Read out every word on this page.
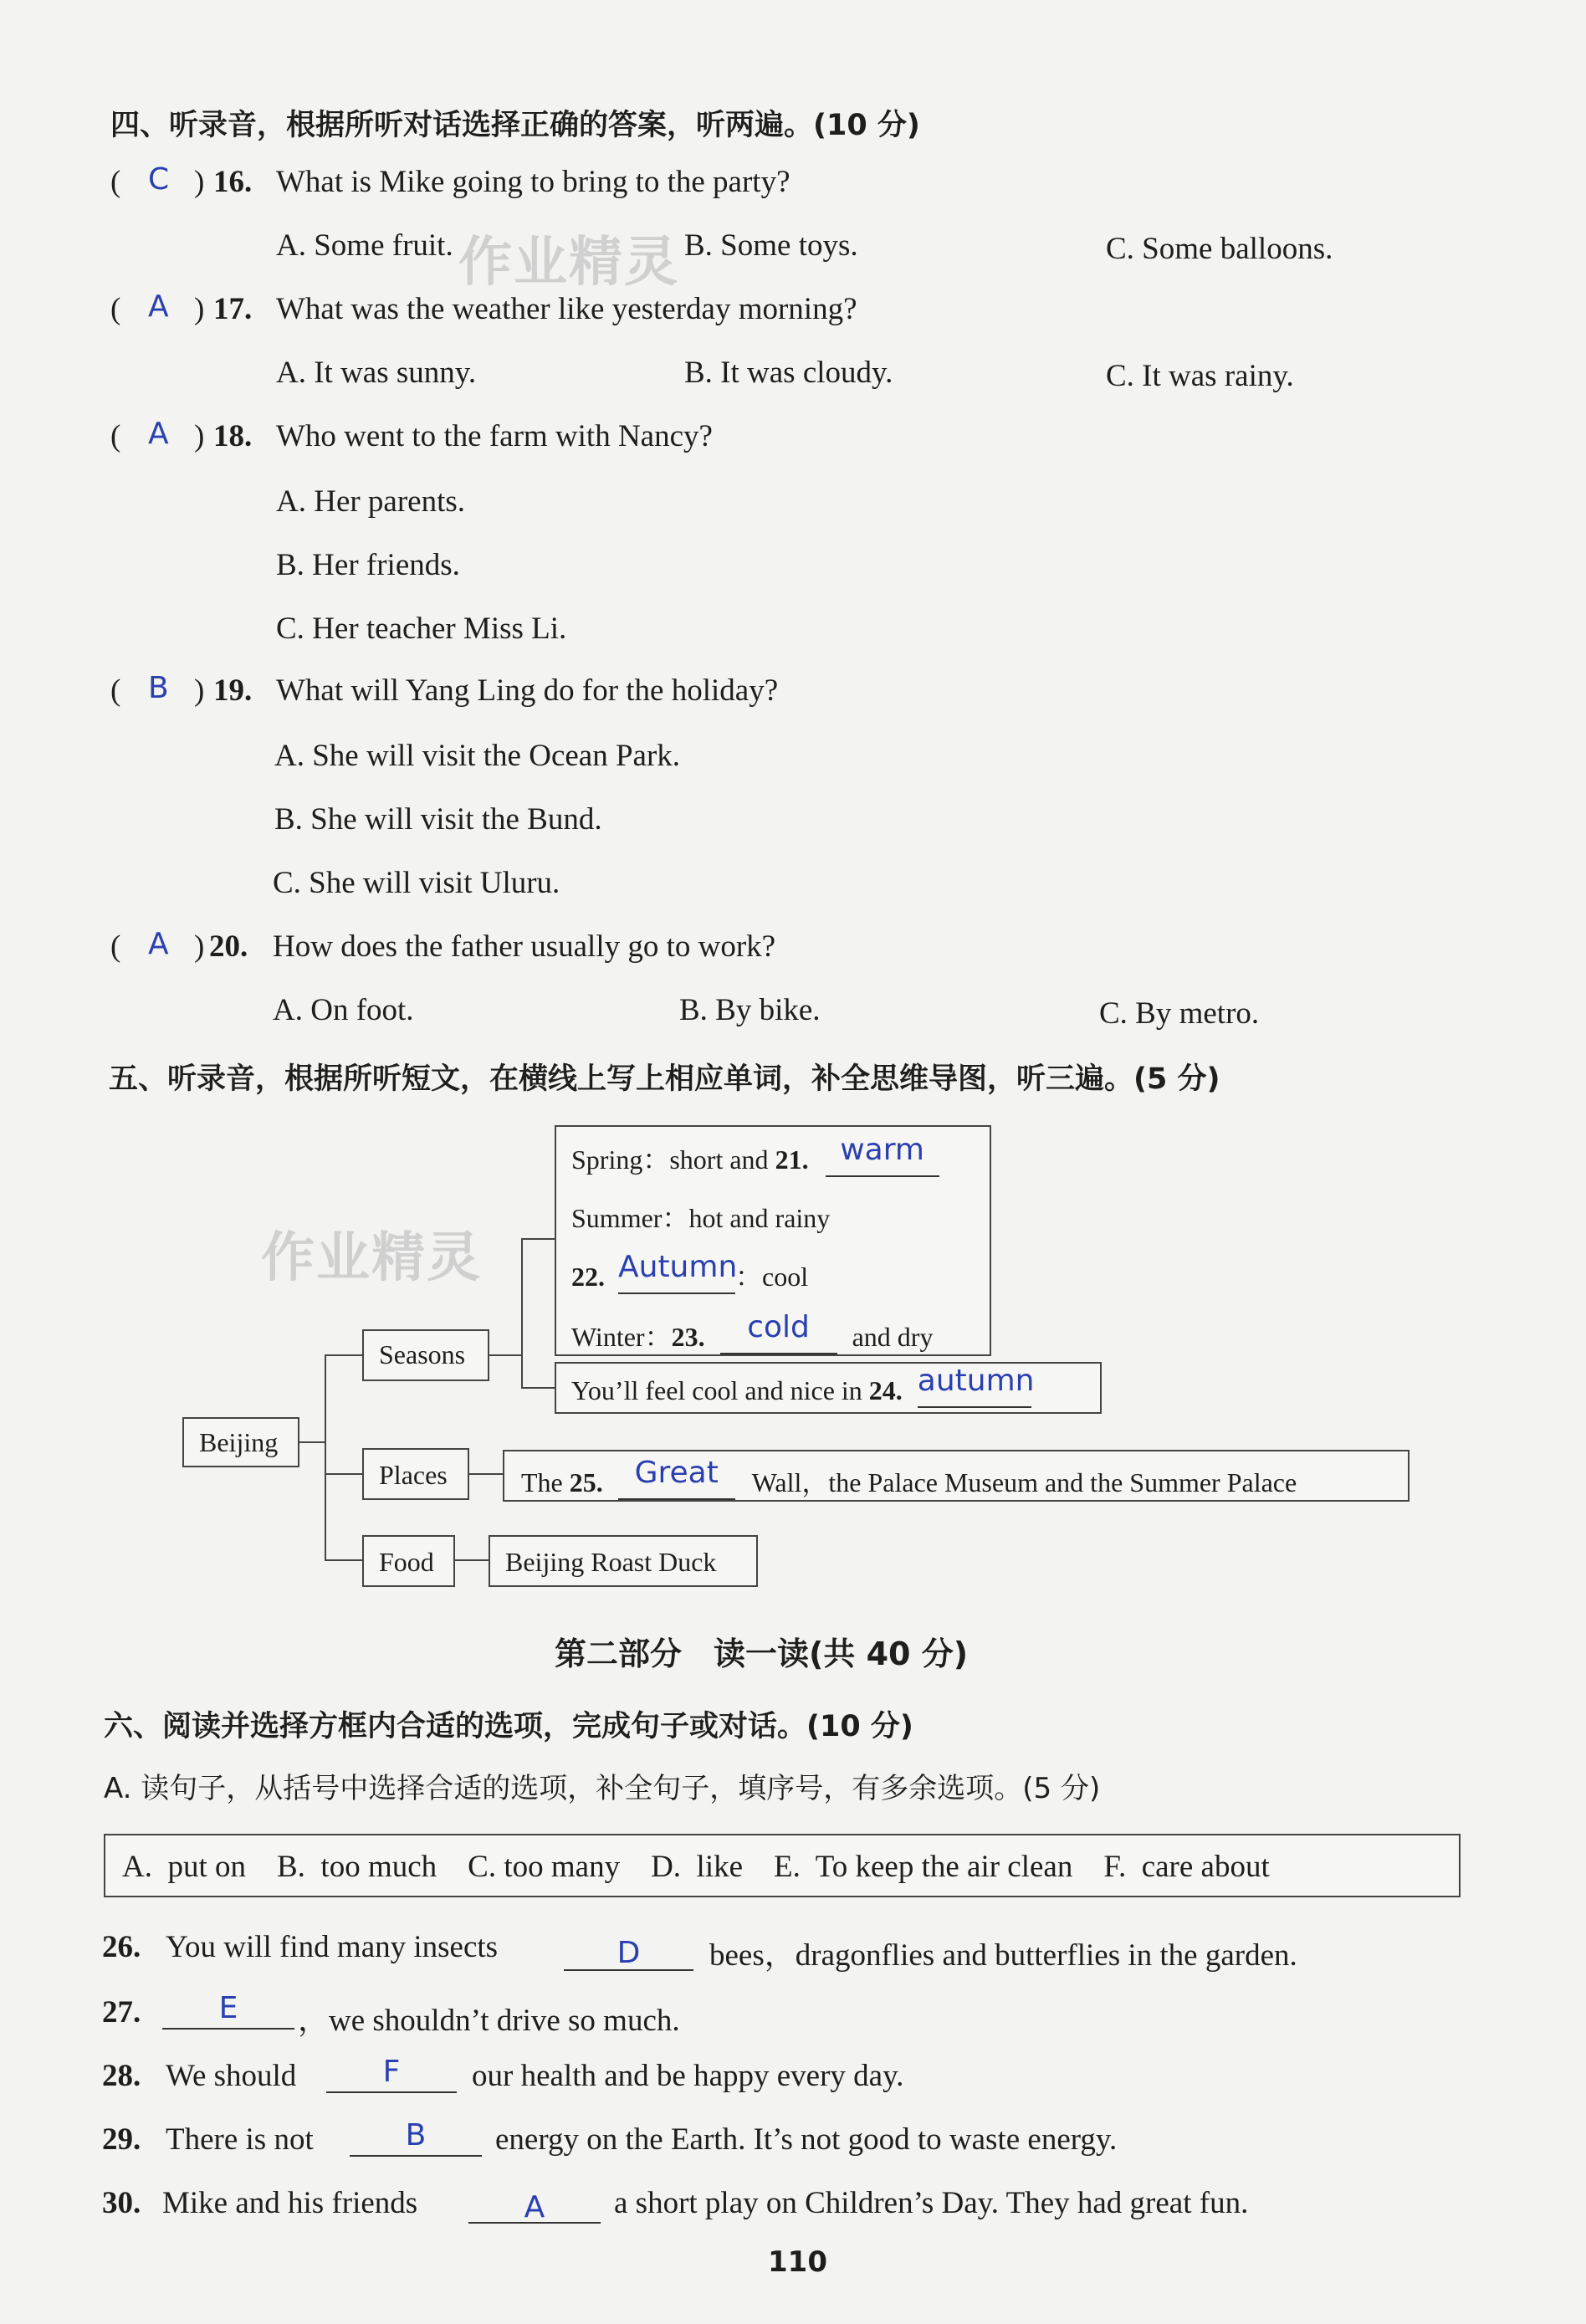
作业精灵
作业精灵
四、听录音，根据所听对话选择正确的答案，听两遍。(10 分)
( C ) 16. What is Mike going to bring to the party?
A. Some fruit.	B. Some toys.	C. Some balloons.
( A ) 17. What was the weather like yesterday morning?
A. It was sunny.	B. It was cloudy.	C. It was rainy.
( A ) 18. Who went to the farm with Nancy?
A. Her parents.
B. Her friends.
C. Her teacher Miss Li.
( B ) 19. What will Yang Ling do for the holiday?
A. She will visit the Ocean Park.
B. She will visit the Bund.
C. She will visit Uluru.
( A ) 20. How does the father usually go to work?
A. On foot.	B. By bike.	C. By metro.
五、听录音，根据所听短文，在横线上写上相应单词，补全思维导图，听三遍。(5 分)
Beijing
Seasons
Places
Food
Spring：short and 21.	warm

Summer：hot and rainy
22. Autumn
：cool
Winter：23.	cold	and dry
You’ll feel cool and nice in 24. autumn

The 25.	Great	Wall，the Palace Museum and the Summer Palace
Beijing Roast Duck
第二部分　读一读(共 40 分)
六、阅读并选择方框内合适的选项，完成句子或对话。(10 分)
A. 读句子，从括号中选择合适的选项，补全句子，填序号，有多余选项。(5 分)
A.  put on    B.  too much    C. too many    D.  like    E.  To keep the air clean    F.  care about
26. You will find many insects	D	bees，dragonflies and butterflies in the garden.
27.	E	，we shouldn’t drive so much.
28. We should	F	our health and be happy every day.
29. There is not	B	energy on the Earth. It’s not good to waste energy.
30. Mike and his friends	A	a short play on Children’s Day. They had great fun.
110
